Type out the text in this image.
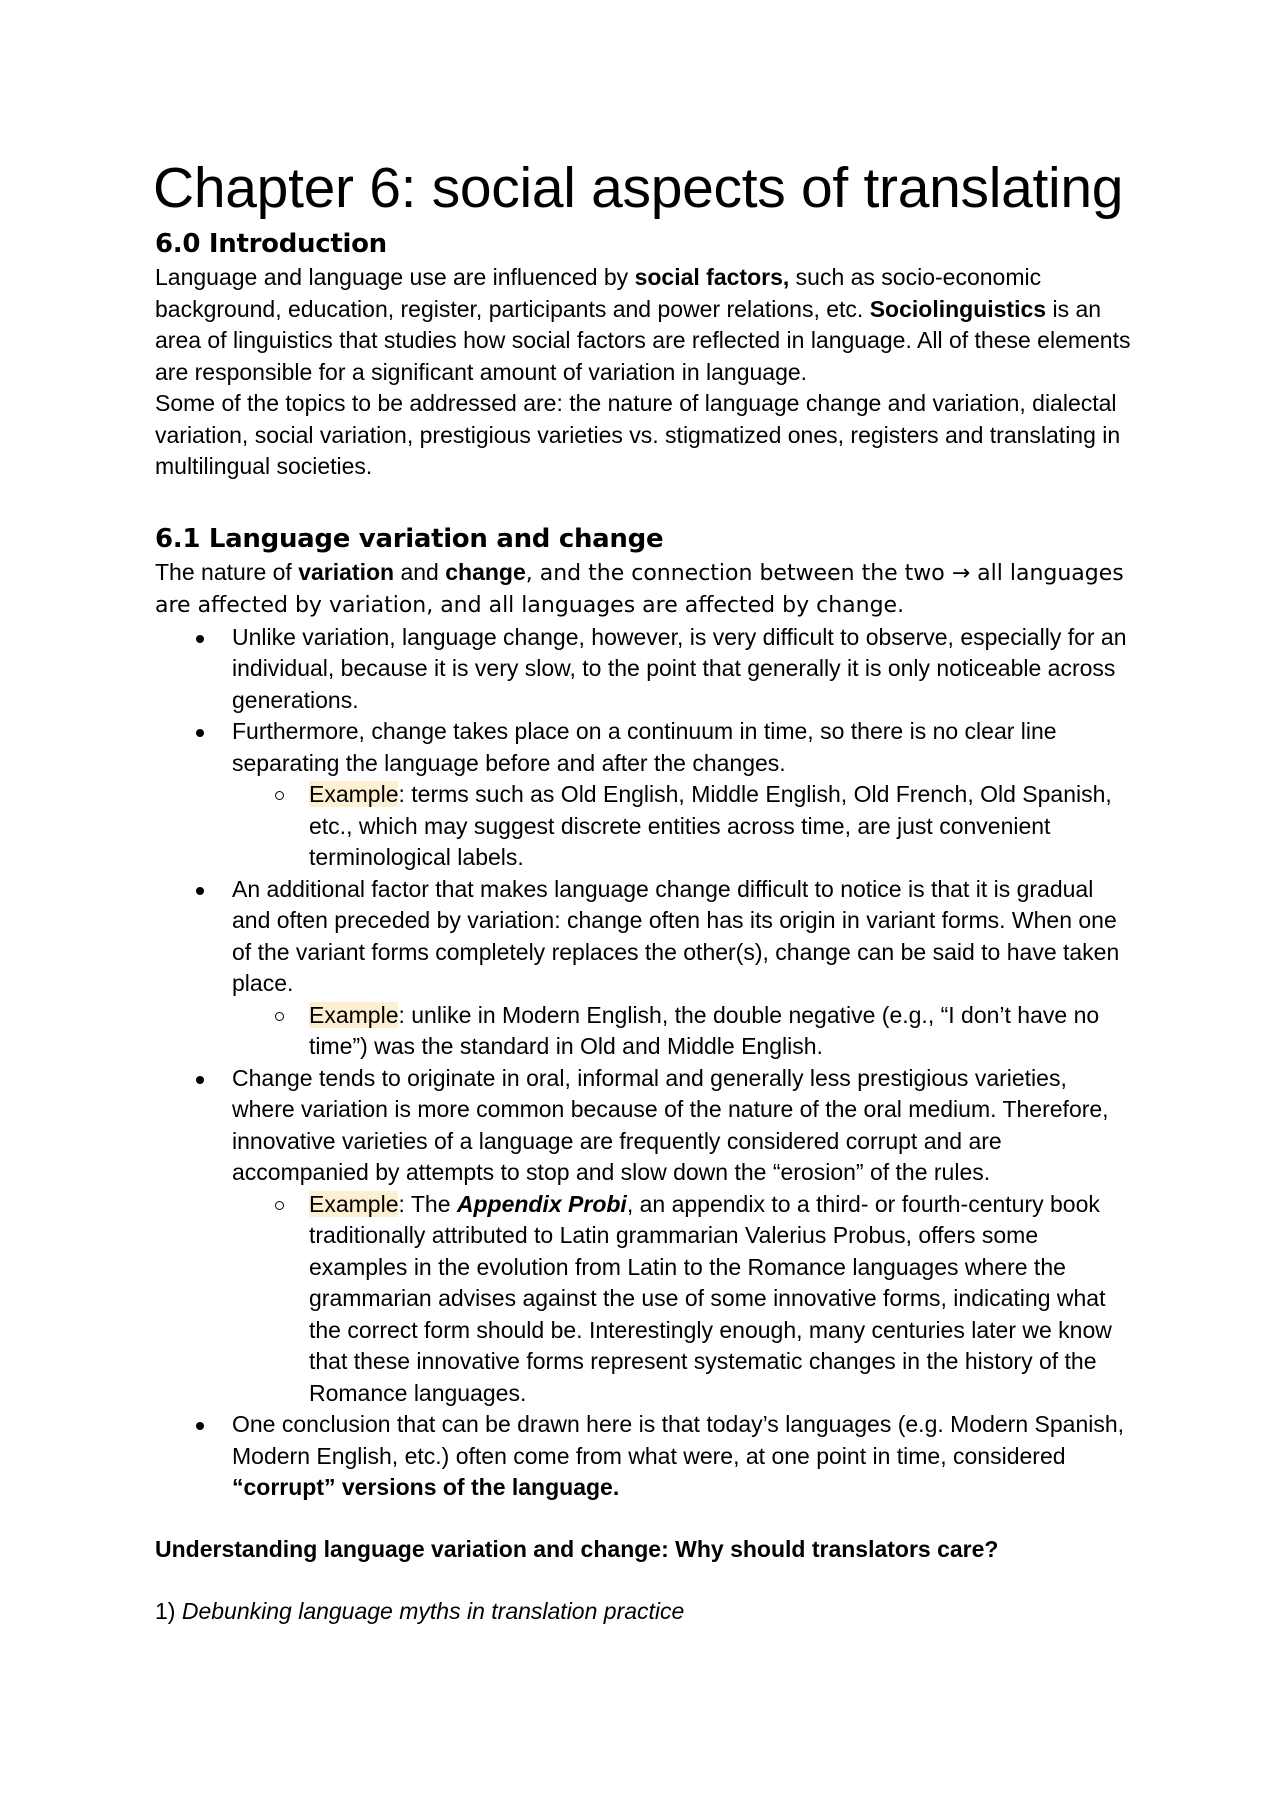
Chapter 6: social aspects of translating
6.0 Introduction

Language and language use are influenced by social factors, such as socio-economic background, education, register, participants and power relations, etc. Sociolinguistics is an area of linguistics that studies how social factors are reflected in language. All of these elements are responsible for a significant amount of variation in language.

Some of the topics to be addressed are: the nature of language change and variation, dialectal variation, social variation, prestigious varieties vs. stigmatized ones, registers and translating in multilingual societies.

6.1 Language variation and change

The nature of variation and change, and the connection between the two → all languages are affected by variation, and all languages are affected by change.

Unlike variation, language change, however, is very difficult to observe, especially for an individual, because it is very slow, to the point that generally it is only noticeable across generations.
Furthermore, change takes place on a continuum in time, so there is no clear line separating the language before and after the changes.
Example: terms such as Old English, Middle English, Old French, Old Spanish, etc., which may suggest discrete entities across time, are just convenient terminological labels.
An additional factor that makes language change difficult to notice is that it is gradual and often preceded by variation: change often has its origin in variant forms. When one of the variant forms completely replaces the other(s), change can be said to have taken place.
Example: unlike in Modern English, the double negative (e.g., “I don’t have no time”) was the standard in Old and Middle English.
Change tends to originate in oral, informal and generally less prestigious varieties, where variation is more common because of the nature of the oral medium. Therefore, innovative varieties of a language are frequently considered corrupt and are accompanied by attempts to stop and slow down the “erosion” of the rules.
Example: The Appendix Probi, an appendix to a third- or fourth-century book traditionally attributed to Latin grammarian Valerius Probus, offers some examples in the evolution from Latin to the Romance languages where the grammarian advises against the use of some innovative forms, indicating what the correct form should be. Interestingly enough, many centuries later we know that these innovative forms represent systematic changes in the history of the Romance languages.
One conclusion that can be drawn here is that today’s languages (e.g. Modern Spanish, Modern English, etc.) often come from what were, at one point in time, considered “corrupt” versions of the language.

Understanding language variation and change: Why should translators care?

1) Debunking language myths in translation practice
